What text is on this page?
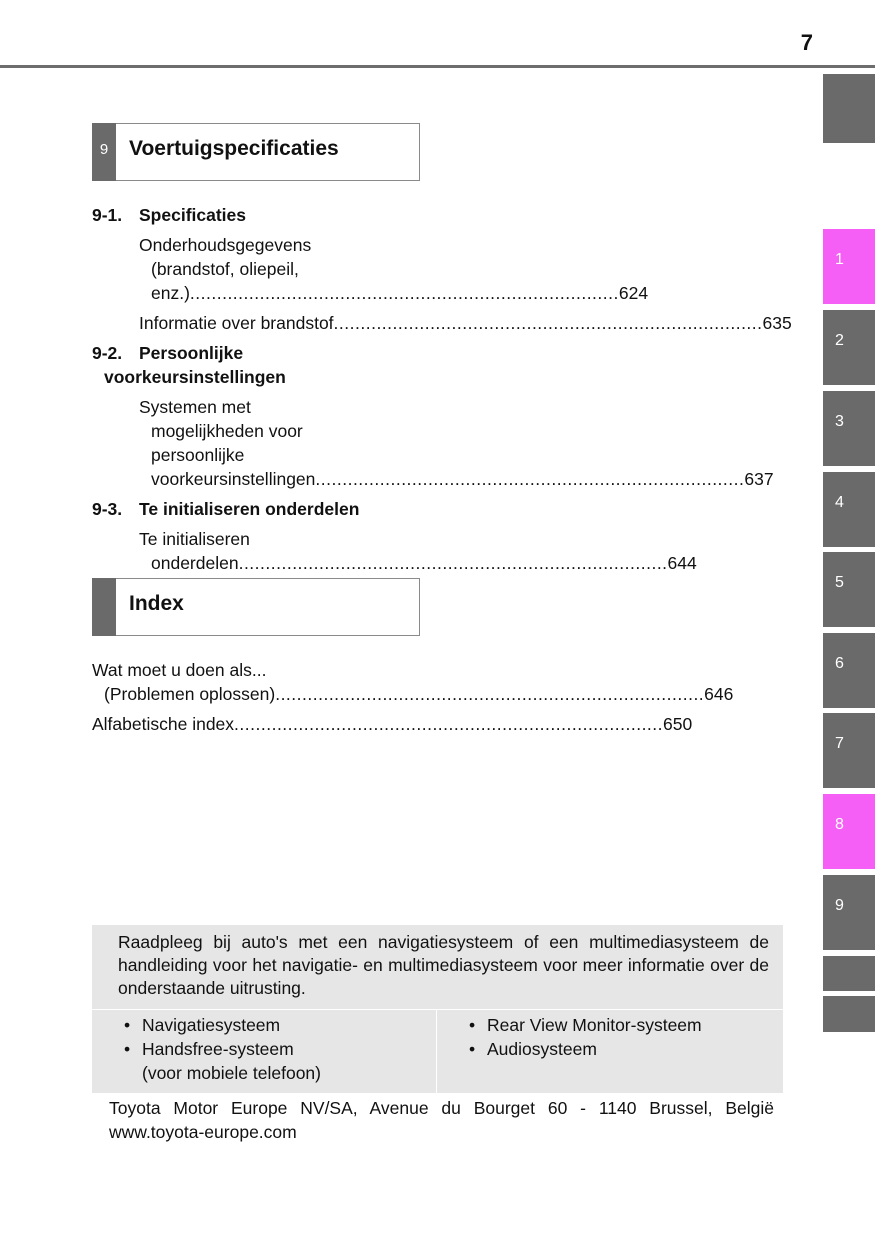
7
1
2
3
4
5
6
7
8
9
9 Voertuigspecificaties
9-1. Specificaties
Onderhoudsgegevens
(brandstof, oliepeil,
enz.) ................................................................................ 624
Informatie over brandstof ................................................................................ 635
9-2. Persoonlijke
voorkeursinstellingen
Systemen met
mogelijkheden voor
persoonlijke
voorkeursinstellingen ................................................................................ 637
9-3. Te initialiseren onderdelen
Te initialiseren
onderdelen ................................................................................ 644
Index
Wat moet u doen als...
(Problemen oplossen) ................................................................................ 646
Alfabetische index ................................................................................ 650
Raadpleeg bij auto's met een navigatiesysteem of een multimediasysteem de handleiding voor het navigatie- en multimediasysteem voor meer informatie over de onderstaande uitrusting.
• Navigatiesysteem
• Handsfree-systeem
(voor mobiele telefoon)
• Rear View Monitor-systeem
• Audiosysteem
Toyota Motor Europe NV/SA, Avenue du Bourget 60 - 1140 Brussel, België
www.toyota-europe.com
